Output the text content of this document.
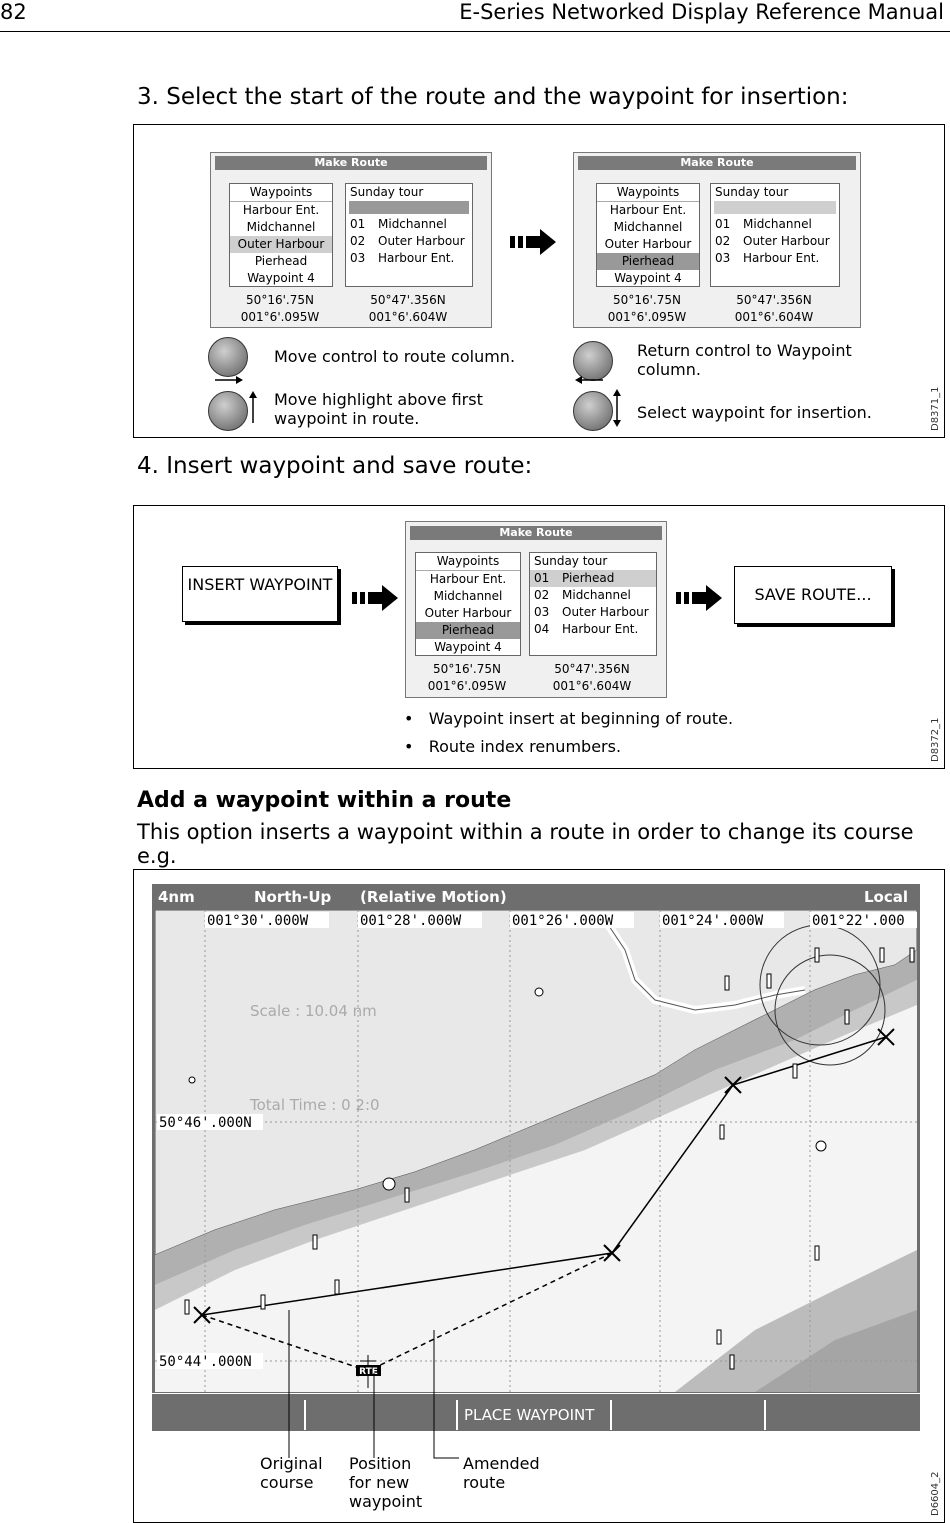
82	E-Series Networked Display Reference Manual
3. Select the start of the route and the waypoint for insertion:
D8371_1
Make Route
Waypoints
Harbour Ent.
Midchannel
Outer Harbour
Pierhead
Waypoint 4
Sunday tour
01 Midchannel
02 Outer Harbour
03 Harbour Ent.
50°16'.75N
001°6'.095W
50°47'.356N
001°6'.604W
Make Route
Waypoints
Harbour Ent.
Midchannel
Outer Harbour
Pierhead
Waypoint 4
Sunday tour
01 Midchannel
02 Outer Harbour
03 Harbour Ent.
50°16'.75N
001°6'.095W
50°47'.356N
001°6'.604W
Move control to route column.
Move highlight above first waypoint in route.
Return control to Waypoint column.
Select waypoint for insertion.
4. Insert waypoint and save route:
D8372_1
INSERT WAYPOINT
Make Route
Waypoints
Harbour Ent.
Midchannel
Outer Harbour
Pierhead
Waypoint 4
Sunday tour
01 Pierhead
02 Midchannel
03 Outer Harbour
04 Harbour Ent.
50°16'.75N
001°6'.095W
50°47'.356N
001°6'.604W
SAVE ROUTE...
•   Waypoint insert at beginning of route.
•   Route index renumbers.
Add a waypoint within a route
This option inserts a waypoint within a route in order to change its course e.g.
D6604_2
4nm	North-Up (Relative Motion)	Local
RTE
Scale : 10.04 nm
Total Time : 0 2:0
001°30'.000W	001°28'.000W	001°26'.000W	001°24'.000W	001°22'.000
50°46'.000N
50°44'.000N
PLACE WAYPOINT
Original course
Position for new waypoint
Amended route
